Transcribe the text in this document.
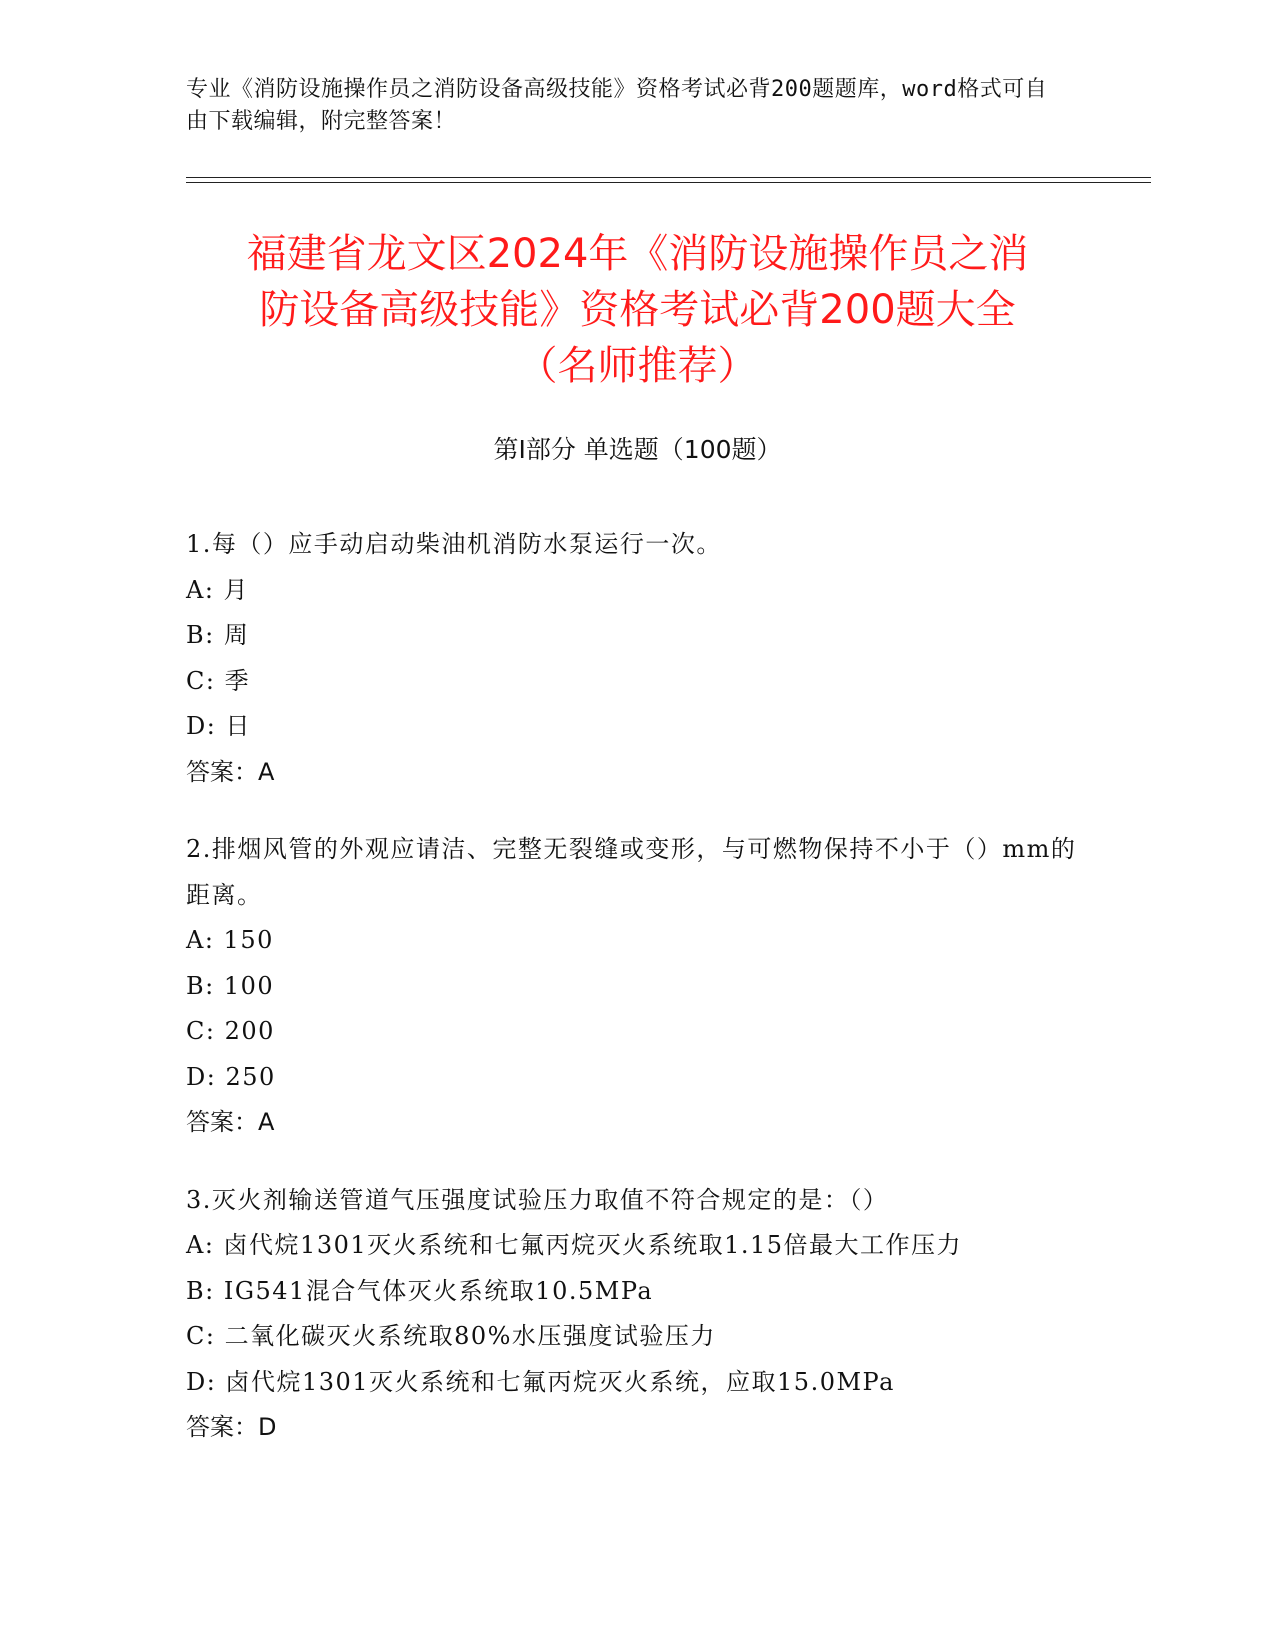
专业《消防设施操作员之消防设备高级技能》资格考试必背200题题库，word格式可自由下载编辑，附完整答案！
福建省龙文区2024年《消防设施操作员之消
防设备高级技能》资格考试必背200题大全
（名师推荐）
第I部分 单选题（100题）
1.每（）应手动启动柴油机消防水泵运行一次。
A: 月
B: 周
C: 季
D: 日
答案：A
2.排烟风管的外观应请洁、完整无裂缝或变形，与可燃物保持不小于（）mm的距离。
A: 150
B: 100
C: 200
D: 250
答案：A
3.灭火剂输送管道气压强度试验压力取值不符合规定的是：（）
A: 卤代烷1301灭火系统和七氟丙烷灭火系统取1.15倍最大工作压力
B: IG541混合气体灭火系统取10.5MPa
C: 二氧化碳灭火系统取80%水压强度试验压力
D: 卤代烷1301灭火系统和七氟丙烷灭火系统，应取15.0MPa
答案：D
